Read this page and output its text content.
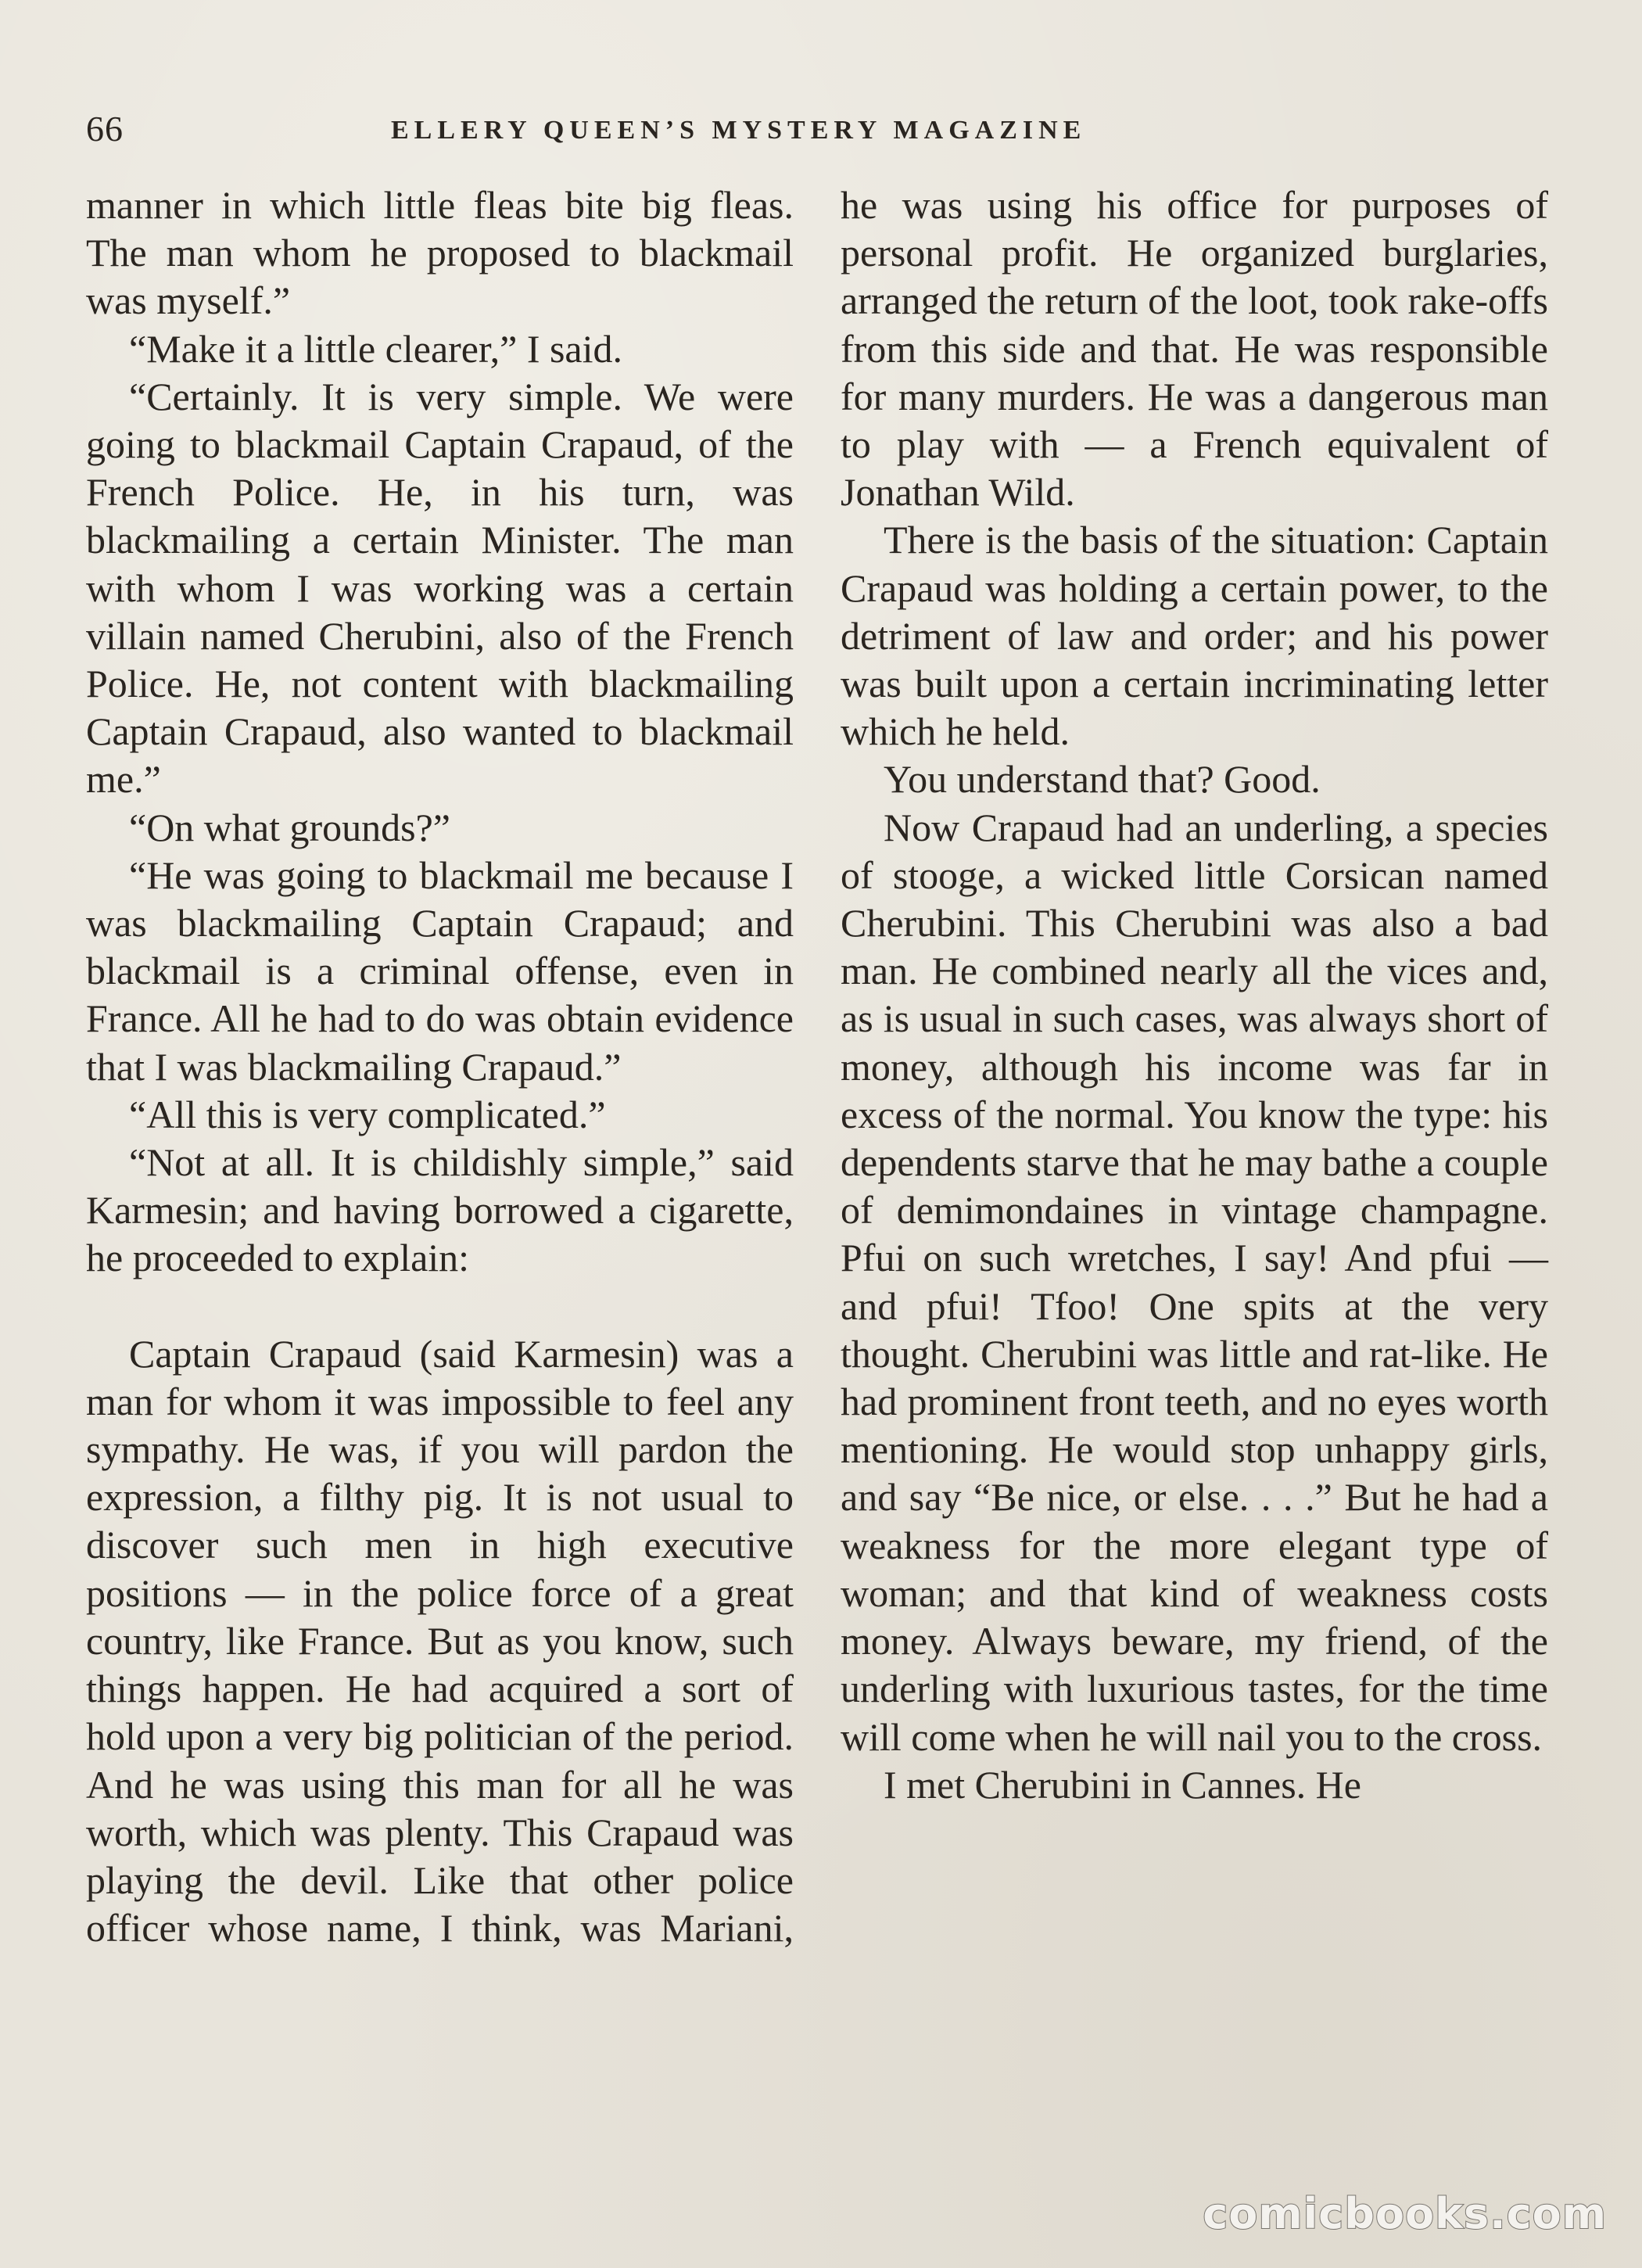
66	ELLERY QUEEN’S MYSTERY MAGAZINE

manner in which little fleas bite big fleas. The man whom he proposed to blackmail was myself.”

“Make it a little clearer,” I said.

“Certainly. It is very simple. We were going to blackmail Captain Crapaud, of the French Police. He, in his turn, was blackmailing a certain Minister. The man with whom I was working was a certain villain named Cherubini, also of the French Police. He, not content with blackmailing Captain Crapaud, also wanted to blackmail me.”

“On what grounds?”

“He was going to blackmail me because I was blackmailing Captain Crapaud; and blackmail is a criminal offense, even in France. All he had to do was obtain evidence that I was blackmailing Crapaud.”

“All this is very complicated.”

“Not at all. It is childishly simple,” said Karmesin; and having borrowed a cigarette, he proceeded to explain:

Captain Crapaud (said Karmesin) was a man for whom it was impossible to feel any sympathy. He was, if you will pardon the expression, a filthy pig. It is not usual to discover such men in high executive positions — in the police force of a great country, like France. But as you know, such things happen. He had acquired a sort of hold upon a very big politician of the period. And he was using this man for all he was worth, which was plenty. This Crapaud was playing the devil. Like that other police officer whose name, I think, was Mariani,

he was using his office for purposes of personal profit. He organized burglaries, arranged the return of the loot, took rake-offs from this side and that. He was responsible for many murders. He was a dangerous man to play with — a French equivalent of Jonathan Wild.

There is the basis of the situation: Captain Crapaud was holding a certain power, to the detriment of law and order; and his power was built upon a certain incriminating letter which he held.

You understand that? Good.

Now Crapaud had an underling, a species of stooge, a wicked little Corsican named Cherubini. This Cherubini was also a bad man. He combined nearly all the vices and, as is usual in such cases, was always short of money, although his income was far in excess of the normal. You know the type: his dependents starve that he may bathe a couple of demimondaines in vintage champagne. Pfui on such wretches, I say! And pfui — and pfui! Tfoo! One spits at the very thought. Cherubini was little and rat-like. He had prominent front teeth, and no eyes worth mentioning. He would stop unhappy girls, and say “Be nice, or else. . . .” But he had a weakness for the more elegant type of woman; and that kind of weakness costs money. Always beware, my friend, of the underling with luxurious tastes, for the time will come when he will nail you to the cross.

I met Cherubini in Cannes. He

comicbooks.com
